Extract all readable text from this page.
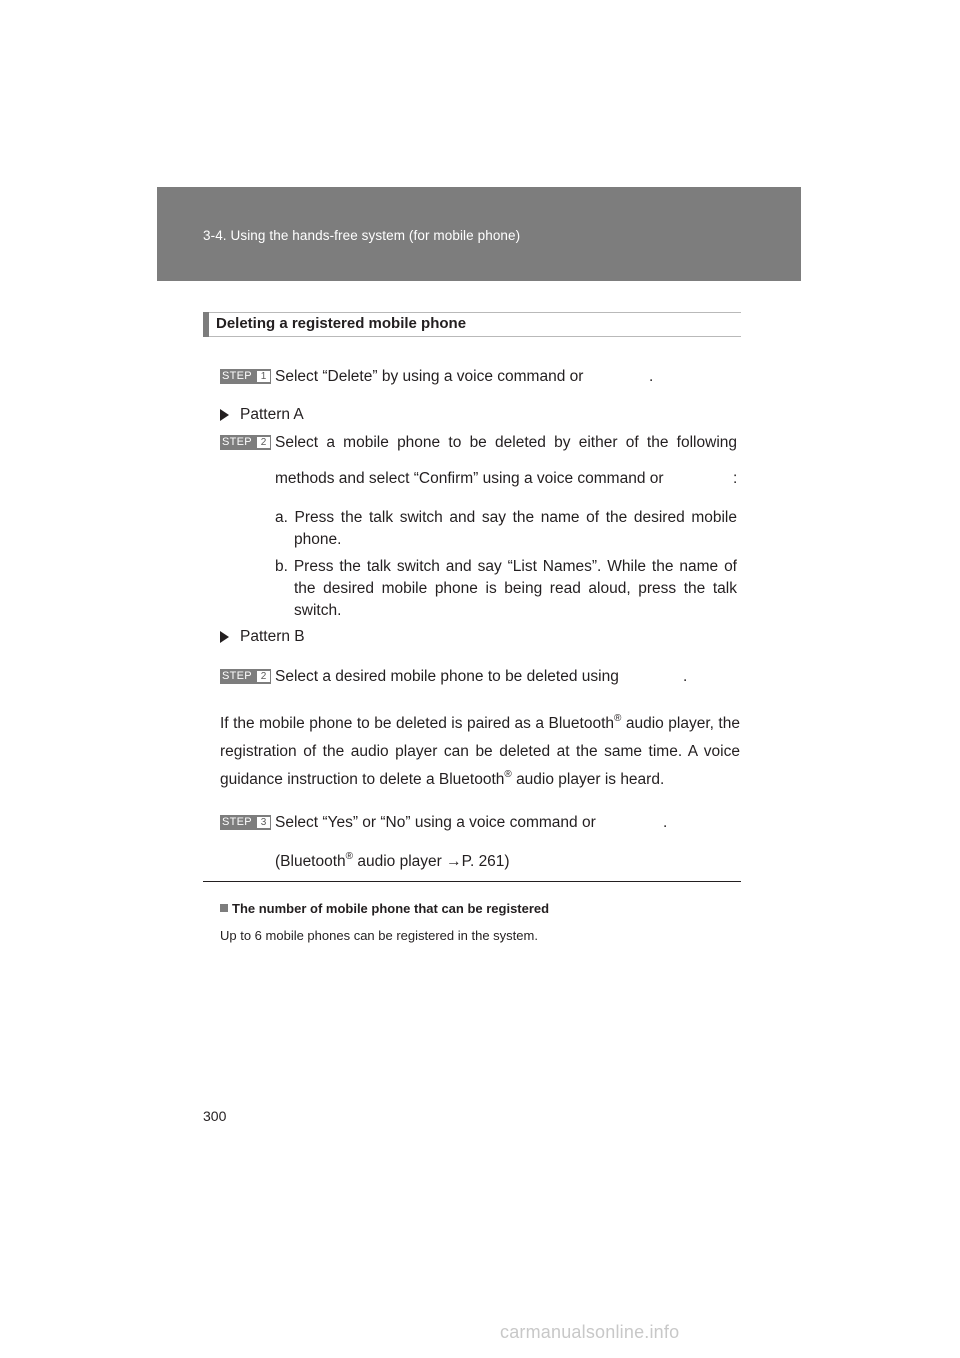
3-4. Using the hands-free system (for mobile phone)
Deleting a registered mobile phone
STEP 1 Select “Delete” by using a voice command or	.
Pattern A
STEP 2 Select a mobile phone to be deleted by either of the following
methods and select “Confirm” using a voice command or	:
a. Press the talk switch and say the name of the desired mobile phone.
b. Press the talk switch and say “List Names”. While the name of the desired mobile phone is being read aloud, press the talk switch.
Pattern B
STEP 2 Select a desired mobile phone to be deleted using	.
If the mobile phone to be deleted is paired as a Bluetooth® audio player, the registration of the audio player can be deleted at the same time. A voice guidance instruction to delete a Bluetooth® audio player is heard.
STEP 3 Select “Yes” or “No” using a voice command or	.
(Bluetooth® audio player →P. 261)
The number of mobile phone that can be registered
Up to 6 mobile phones can be registered in the system.
300
carmanualsonline.info
